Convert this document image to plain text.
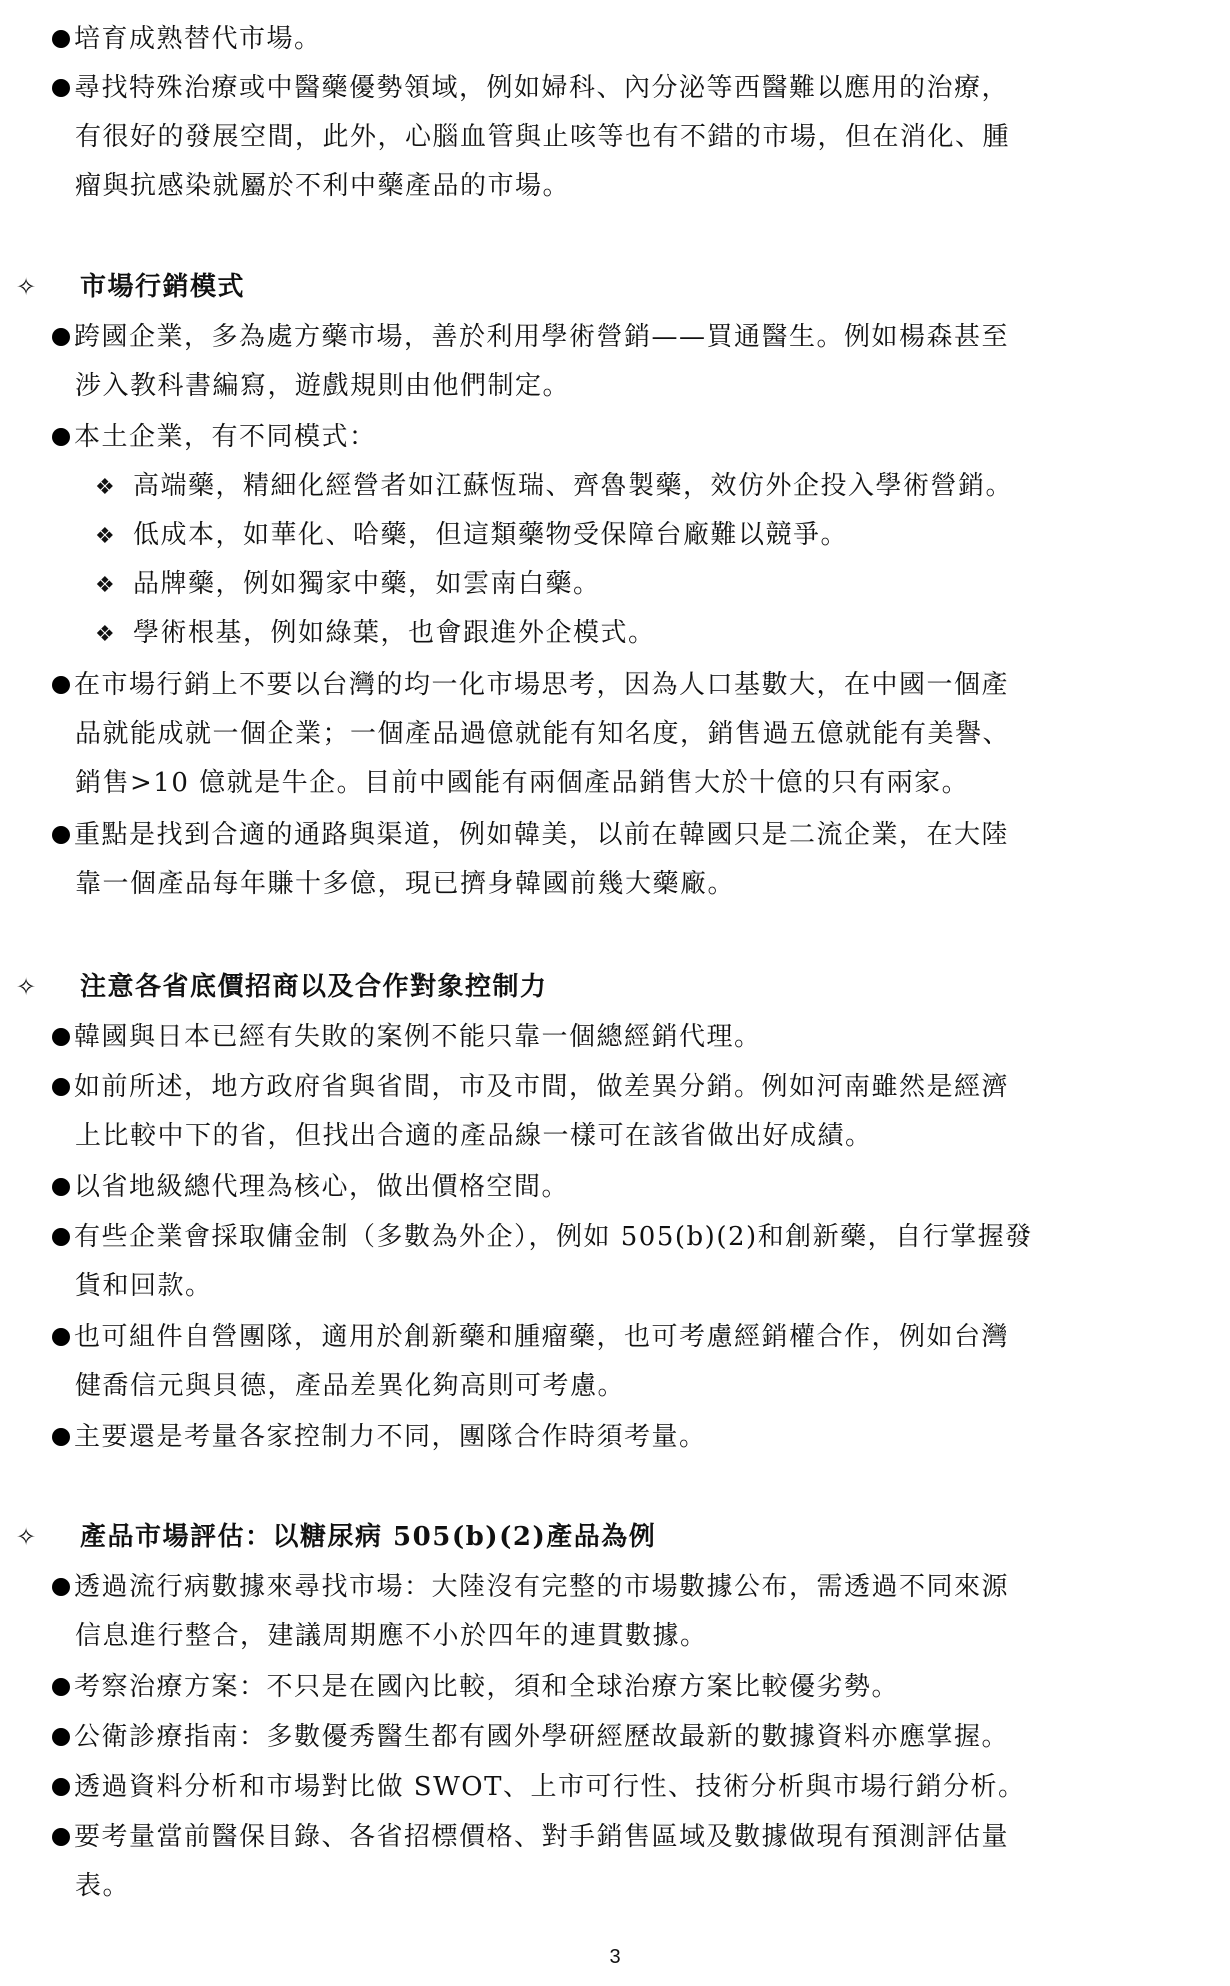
培育成熟替代市場。
尋找特殊治療或中醫藥優勢領域，例如婦科、內分泌等西醫難以應用的治療，
有很好的發展空間，此外，心腦血管與止咳等也有不錯的市場，但在消化、腫
瘤與抗感染就屬於不利中藥產品的市場。
✧ 市場行銷模式
跨國企業，多為處方藥市場，善於利用學術營銷——買通醫生。例如楊森甚至
涉入教科書編寫，遊戲規則由他們制定。
本土企業，有不同模式：
❖ 高端藥，精細化經營者如江蘇恆瑞、齊魯製藥，效仿外企投入學術營銷。
❖ 低成本，如華化、哈藥，但這類藥物受保障台廠難以競爭。
❖ 品牌藥，例如獨家中藥，如雲南白藥。
❖ 學術根基，例如綠葉，也會跟進外企模式。
在市場行銷上不要以台灣的均一化市場思考，因為人口基數大，在中國一個產
品就能成就一個企業；一個產品過億就能有知名度，銷售過五億就能有美譽、
銷售>10 億就是牛企。目前中國能有兩個產品銷售大於十億的只有兩家。
重點是找到合適的通路與渠道，例如韓美，以前在韓國只是二流企業，在大陸
靠一個產品每年賺十多億，現已擠身韓國前幾大藥廠。
✧ 注意各省底價招商以及合作對象控制力
韓國與日本已經有失敗的案例不能只靠一個總經銷代理。
如前所述，地方政府省與省間，市及市間，做差異分銷。例如河南雖然是經濟
上比較中下的省，但找出合適的產品線一樣可在該省做出好成績。
以省地級總代理為核心，做出價格空間。
有些企業會採取傭金制（多數為外企），例如 505(b)(2)和創新藥，自行掌握發
貨和回款。
也可組件自營團隊，適用於創新藥和腫瘤藥，也可考慮經銷權合作，例如台灣
健喬信元與貝德，產品差異化夠高則可考慮。
主要還是考量各家控制力不同，團隊合作時須考量。
✧ 產品市場評估：以糖尿病 505(b)(2)產品為例
透過流行病數據來尋找市場：大陸沒有完整的市場數據公布，需透過不同來源
信息進行整合，建議周期應不小於四年的連貫數據。
考察治療方案：不只是在國內比較，須和全球治療方案比較優劣勢。
公衛診療指南：多數優秀醫生都有國外學研經歷故最新的數據資料亦應掌握。
透過資料分析和市場對比做 SWOT、上市可行性、技術分析與市場行銷分析。
要考量當前醫保目錄、各省招標價格、對手銷售區域及數據做現有預測評估量
表。
3
